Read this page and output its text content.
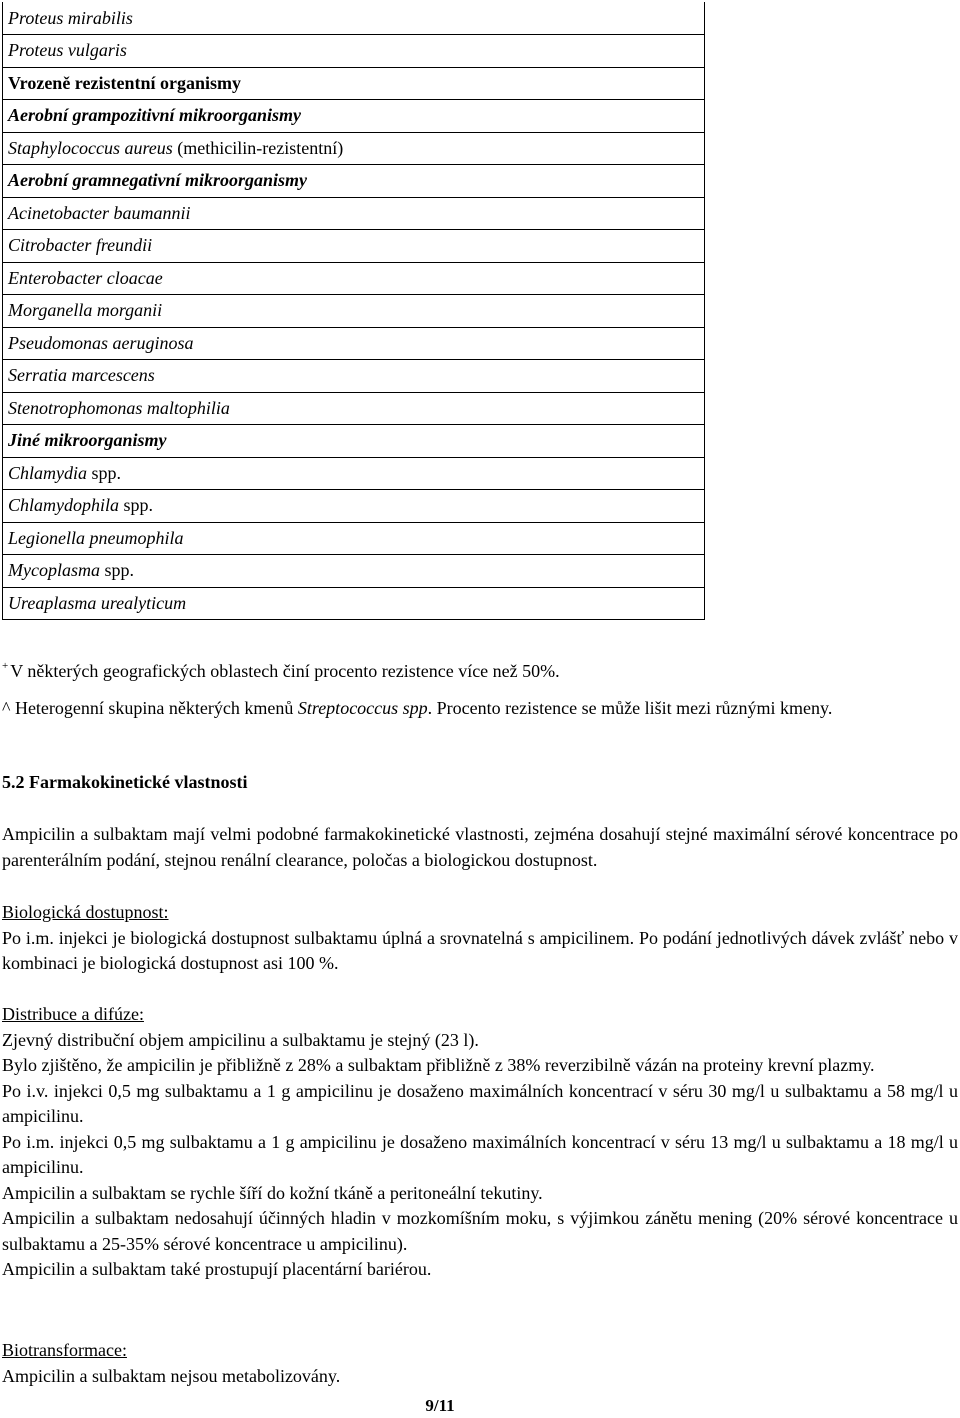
Proteus mirabilis
Proteus vulgaris
Vrozeně rezistentní organismy
Aerobní grampozitivní mikroorganismy
Staphylococcus aureus (methicilin-rezistentní)
Aerobní gramnegativní mikroorganismy
Acinetobacter baumannii
Citrobacter freundii
Enterobacter cloacae
Morganella morganii
Pseudomonas aeruginosa
Serratia marcescens
Stenotrophomonas maltophilia
Jiné mikroorganismy
Chlamydia spp.
Chlamydophila spp.
Legionella pneumophila
Mycoplasma spp.
Ureaplasma urealyticum
+ V některých geografických oblastech činí procento rezistence více než 50%.
^ Heterogenní skupina některých kmenů Streptococcus spp. Procento rezistence se může lišit mezi různými kmeny.

5.2 Farmakokinetické vlastnosti

Ampicilin a sulbaktam mají velmi podobné farmakokinetické vlastnosti, zejména dosahují stejné maximální sérové koncentrace po parenterálním podání, stejnou renální clearance, poločas a biologickou dostupnost.

Biologická dostupnost:

Po i.m. injekci je biologická dostupnost sulbaktamu úplná a srovnatelná s ampicilinem. Po podání jednotlivých dávek zvlášť nebo v kombinaci je biologická dostupnost asi 100 %.

Distribuce a difúze:

Zjevný distribuční objem ampicilinu a sulbaktamu je stejný (23 l).

Bylo zjištěno, že ampicilin je přibližně z 28% a sulbaktam přibližně z 38% reverzibilně vázán na proteiny krevní plazmy.

Po i.v. injekci 0,5 mg sulbaktamu a 1 g ampicilinu je dosaženo maximálních koncentrací v séru 30 mg/l u sulbaktamu a 58 mg/l u ampicilinu.

Po i.m. injekci 0,5 mg sulbaktamu a 1 g ampicilinu je dosaženo maximálních koncentrací v séru 13 mg/l u sulbaktamu a 18 mg/l u ampicilinu.

Ampicilin a sulbaktam se rychle šíří do kožní tkáně a peritoneální tekutiny.

Ampicilin a sulbaktam nedosahují účinných hladin v mozkomíšním moku, s výjimkou zánětu mening (20% sérové koncentrace u sulbaktamu a 25-35% sérové koncentrace u ampicilinu).

Ampicilin a sulbaktam také prostupují placentární bariérou.

Biotransformace:

Ampicilin a sulbaktam nejsou metabolizovány.

9/11
